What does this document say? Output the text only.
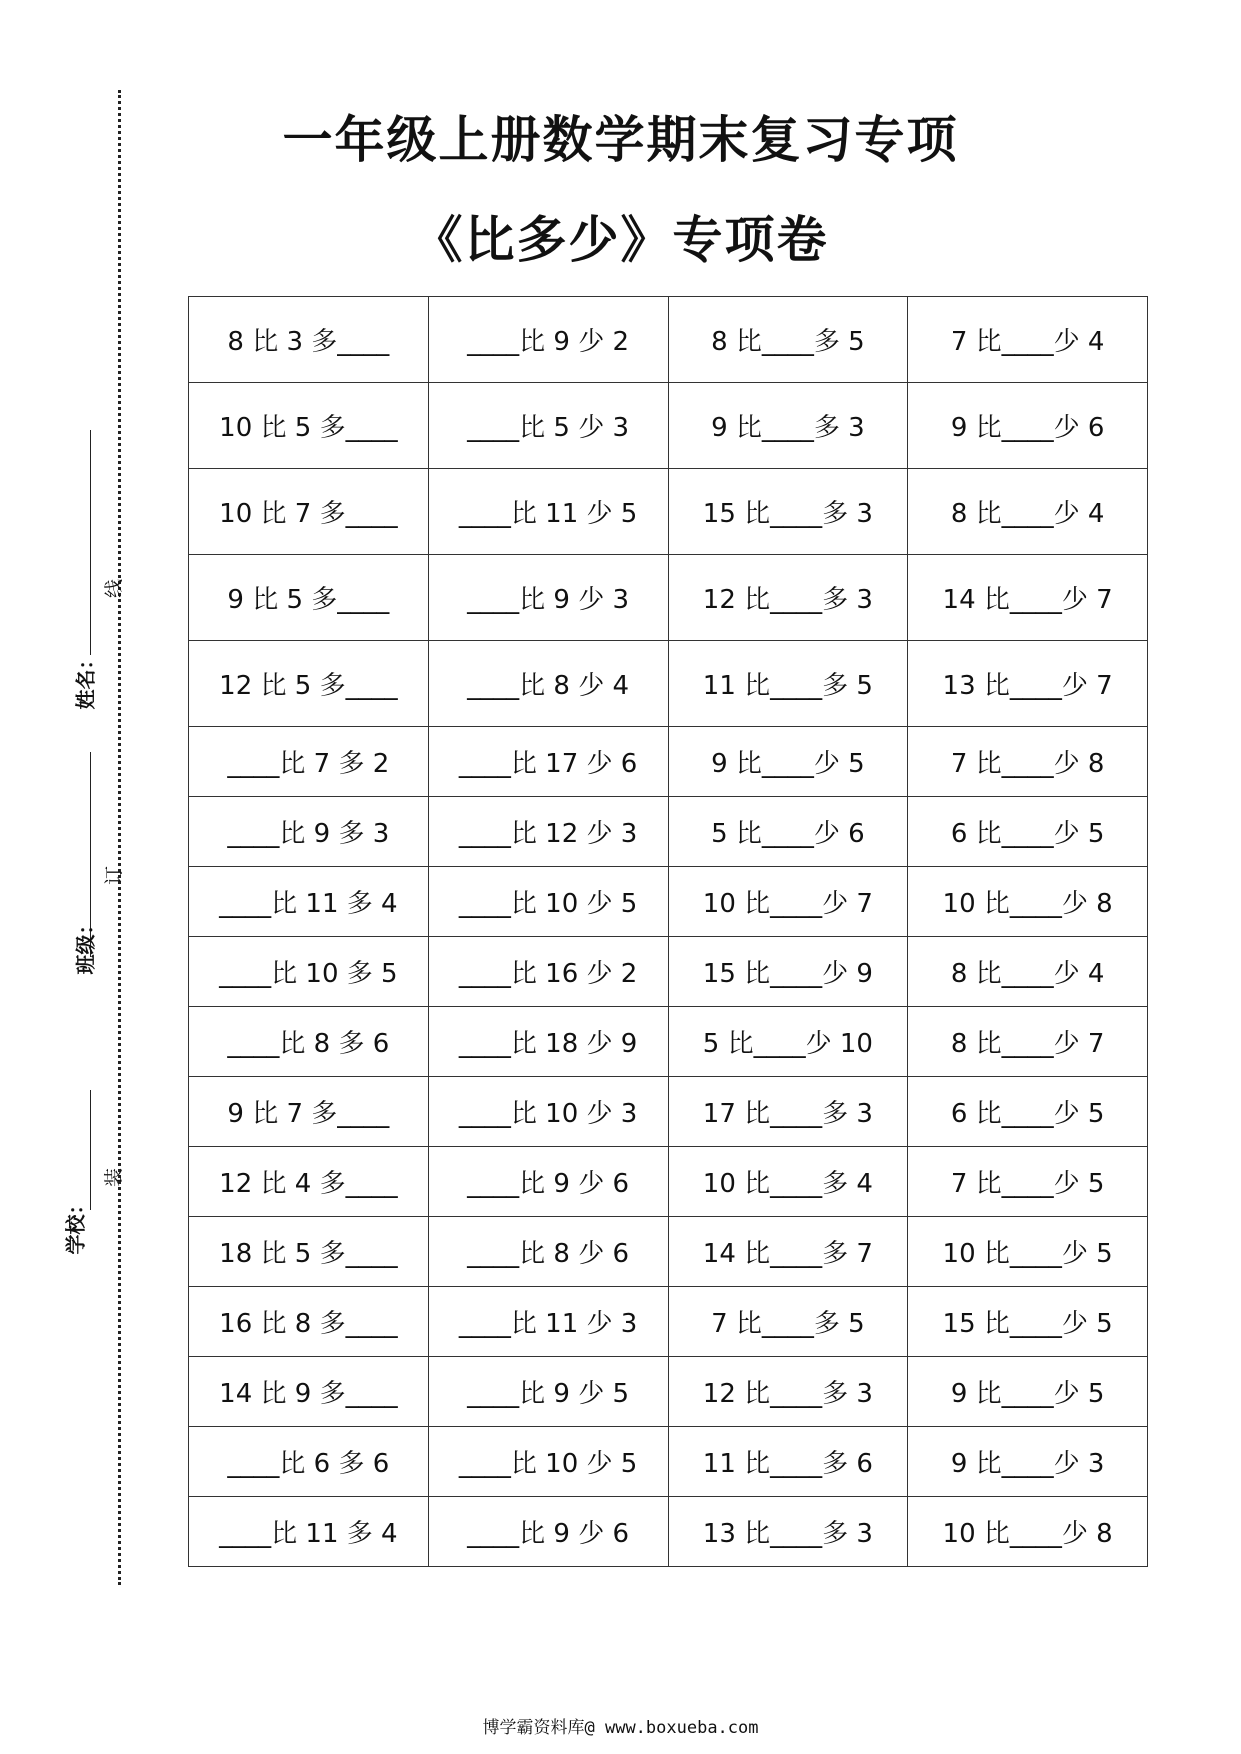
一年级上册数学期末复习专项
《比多少》专项卷
学校：
班级：
姓名：
装
订
线
8 比 3 多____	____比 9 少 2	8 比____多 5	7 比____少 4
10 比 5 多____	____比 5 少 3	9 比____多 3	9 比____少 6
10 比 7 多____	____比 11 少 5	15 比____多 3	8 比____少 4
9 比 5 多____	____比 9 少 3	12 比____多 3	14 比____少 7
12 比 5 多____	____比 8 少 4	11 比____多 5	13 比____少 7
____比 7 多 2	____比 17 少 6	9 比____少 5	7 比____少 8
____比 9 多 3	____比 12 少 3	5 比____少 6	6 比____少 5
____比 11 多 4	____比 10 少 5	10 比____少 7	10 比____少 8
____比 10 多 5	____比 16 少 2	15 比____少 9	8 比____少 4
____比 8 多 6	____比 18 少 9	5 比____少 10	8 比____少 7
9 比 7 多____	____比 10 少 3	17 比____多 3	6 比____少 5
12 比 4 多____	____比 9 少 6	10 比____多 4	7 比____少 5
18 比 5 多____	____比 8 少 6	14 比____多 7	10 比____少 5
16 比 8 多____	____比 11 少 3	7 比____多 5	15 比____少 5
14 比 9 多____	____比 9 少 5	12 比____多 3	9 比____少 5
____比 6 多 6	____比 10 少 5	11 比____多 6	9 比____少 3
____比 11 多 4	____比 9 少 6	13 比____多 3	10 比____少 8
博学霸资料库@ www.boxueba.com
